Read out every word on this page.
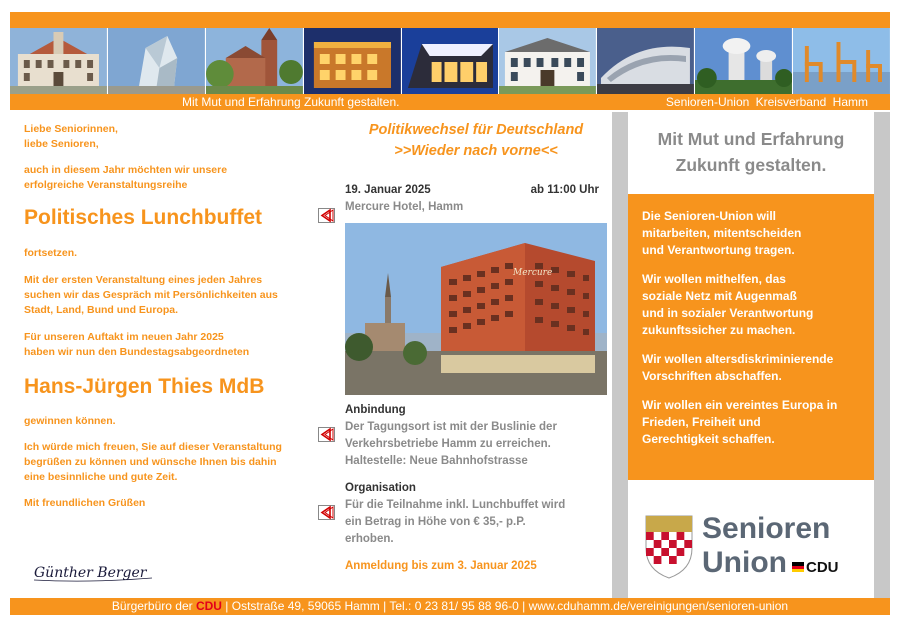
Mit Mut und Erfahrung Zukunft gestalten.	Senioren-Union Kreisverband Hamm
Liebe Seniorinnen,
liebe Senioren,
auch in diesem Jahr möchten wir unsere
erfolgreiche Veranstaltungsreihe
Politisches Lunchbuffet
fortsetzen.
Mit der ersten Veranstaltung eines jeden Jahres
suchen wir das Gespräch mit Persönlichkeiten aus
Stadt, Land, Bund und Europa.
Für unseren Auftakt im neuen Jahr 2025
haben wir nun den Bundestagsabgeordneten
Hans-Jürgen Thies MdB
gewinnen können.
Ich würde mich freuen, Sie auf dieser Veranstaltung
begrüßen zu können und wünsche Ihnen bis dahin
eine besinnliche und gute Zeit.
Mit freundlichen Grüßen
Günther Berger
Politikwechsel für Deutschland
>>Wieder nach vorne<<
19. Januar 2025	ab 11:00 Uhr
Mercure Hotel, Hamm
Mercure
Anbindung
Der Tagungsort ist mit der Buslinie der
Verkehrsbetriebe Hamm zu erreichen.
Haltestelle: Neue Bahnhofstrasse
Organisation
Für die Teilnahme inkl. Lunchbuffet wird
ein Betrag in Höhe von € 35,- p.P.
erhoben.
Anmeldung bis zum 3. Januar 2025
Mit Mut und Erfahrung
Zukunft gestalten.
Die Senioren-Union will
mitarbeiten, mitentscheiden
und Verantwortung tragen.
Wir wollen mithelfen, das
soziale Netz mit Augenmaß
und in sozialer Verantwortung
zukunftssicher zu machen.
Wir wollen altersdiskriminierende
Vorschriften abschaffen.
Wir wollen ein vereintes Europa in
Frieden, Freiheit und
Gerechtigkeit schaffen.
Senioren
Union CDU
Bürgerbüro der CDU | Oststraße 49, 59065 Hamm | Tel.: 0 23 81/ 95 88 96-0 | www.cduhamm.de/vereinigungen/senioren-union
